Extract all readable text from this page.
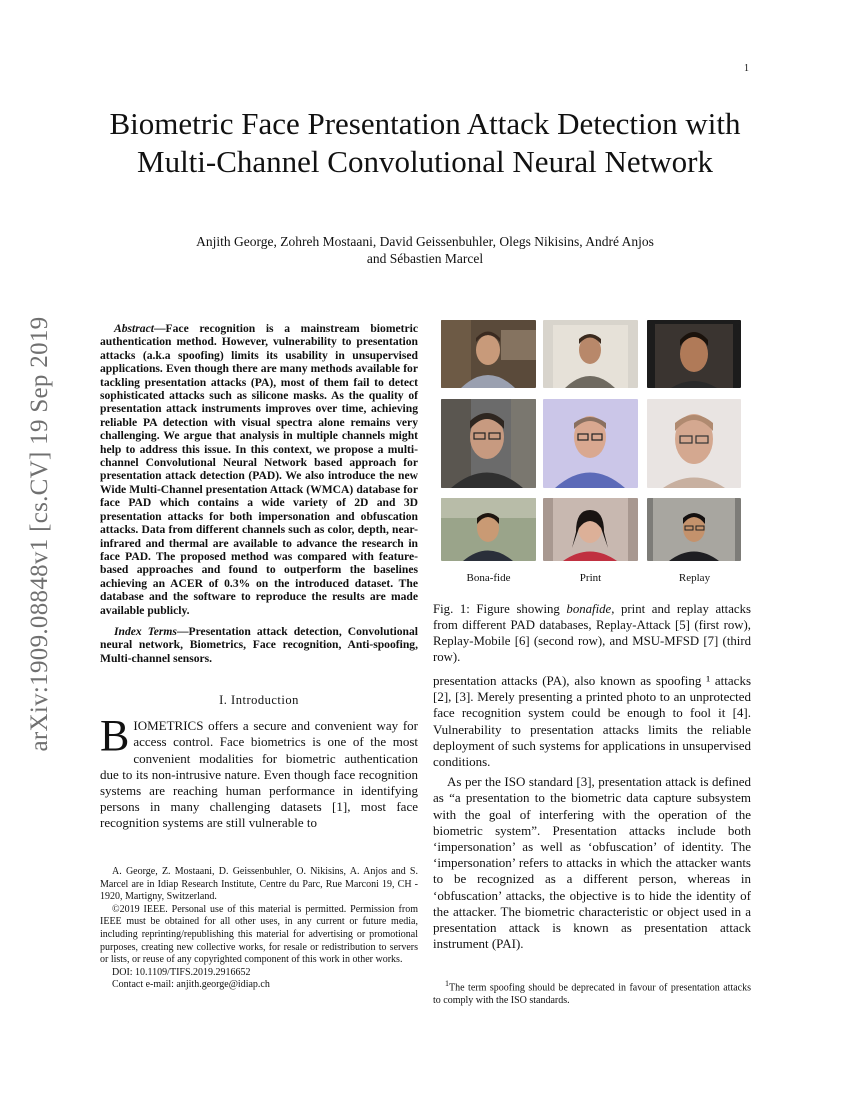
1
arXiv:1909.08848v1 [cs.CV] 19 Sep 2019
Biometric Face Presentation Attack Detection with Multi-Channel Convolutional Neural Network
Anjith George, Zohreh Mostaani, David Geissenbuhler, Olegs Nikisins, André Anjos
and Sébastien Marcel

Abstract—Face recognition is a mainstream biometric authentication method. However, vulnerability to presentation attacks (a.k.a spoofing) limits its usability in unsupervised applications. Even though there are many methods available for tackling presentation attacks (PA), most of them fail to detect sophisticated attacks such as silicone masks. As the quality of presentation attack instruments improves over time, achieving reliable PA detection with visual spectra alone remains very challenging. We argue that analysis in multiple channels might help to address this issue. In this context, we propose a multi-channel Convolutional Neural Network based approach for presentation attack detection (PAD). We also introduce the new Wide Multi-Channel presentation Attack (WMCA) database for face PAD which contains a wide variety of 2D and 3D presentation attacks for both impersonation and obfuscation attacks. Data from different channels such as color, depth, near-infrared and thermal are available to advance the research in face PAD. The proposed method was compared with feature-based approaches and found to outperform the baselines achieving an ACER of 0.3% on the introduced dataset. The database and the software to reproduce the results are made available publicly.

Index Terms—Presentation attack detection, Convolutional neural network, Biometrics, Face recognition, Anti-spoofing, Multi-channel sensors.

I. Introduction

BIOMETRICS offers a secure and convenient way for access control. Face biometrics is one of the most convenient modalities for biometric authentication due to its non-intrusive nature. Even though face recognition systems are reaching human performance in identifying persons in many challenging datasets [1], most face recognition systems are still vulnerable to

A. George, Z. Mostaani, D. Geissenbuhler, O. Nikisins, A. Anjos and S. Marcel are in Idiap Research Institute, Centre du Parc, Rue Marconi 19, CH - 1920, Martigny, Switzerland.

©2019 IEEE. Personal use of this material is permitted. Permission from IEEE must be obtained for all other uses, in any current or future media, including reprinting/republishing this material for advertising or promotional purposes, creating new collective works, for resale or redistribution to servers or lists, or reuse of any copyrighted component of this work in other works.

DOI: 10.1109/TIFS.2019.2916652

Contact e-mail: anjith.george@idiap.ch

Bona-fide	Print	Replay
Fig. 1: Figure showing bonafide, print and replay attacks from different PAD databases, Replay-Attack [5] (first row), Replay-Mobile [6] (second row), and MSU-MFSD [7] (third row).

presentation attacks (PA), also known as spoofing ¹ attacks [2], [3]. Merely presenting a printed photo to an unprotected face recognition system could be enough to fool it [4]. Vulnerability to presentation attacks limits the reliable deployment of such systems for applications in unsupervised conditions.

As per the ISO standard [3], presentation attack is defined as “a presentation to the biometric data capture subsystem with the goal of interfering with the operation of the biometric system”. Presentation attacks include both ‘impersonation’ as well as ‘obfuscation’ of identity. The ‘impersonation’ refers to attacks in which the attacker wants to be recognized as a different person, whereas in ‘obfuscation’ attacks, the objective is to hide the identity of the attacker. The biometric characteristic or object used in a presentation attack is known as presentation attack instrument (PAI).

$^1$The term spoofing should be deprecated in favour of presentation attacks to comply with the ISO standards.
